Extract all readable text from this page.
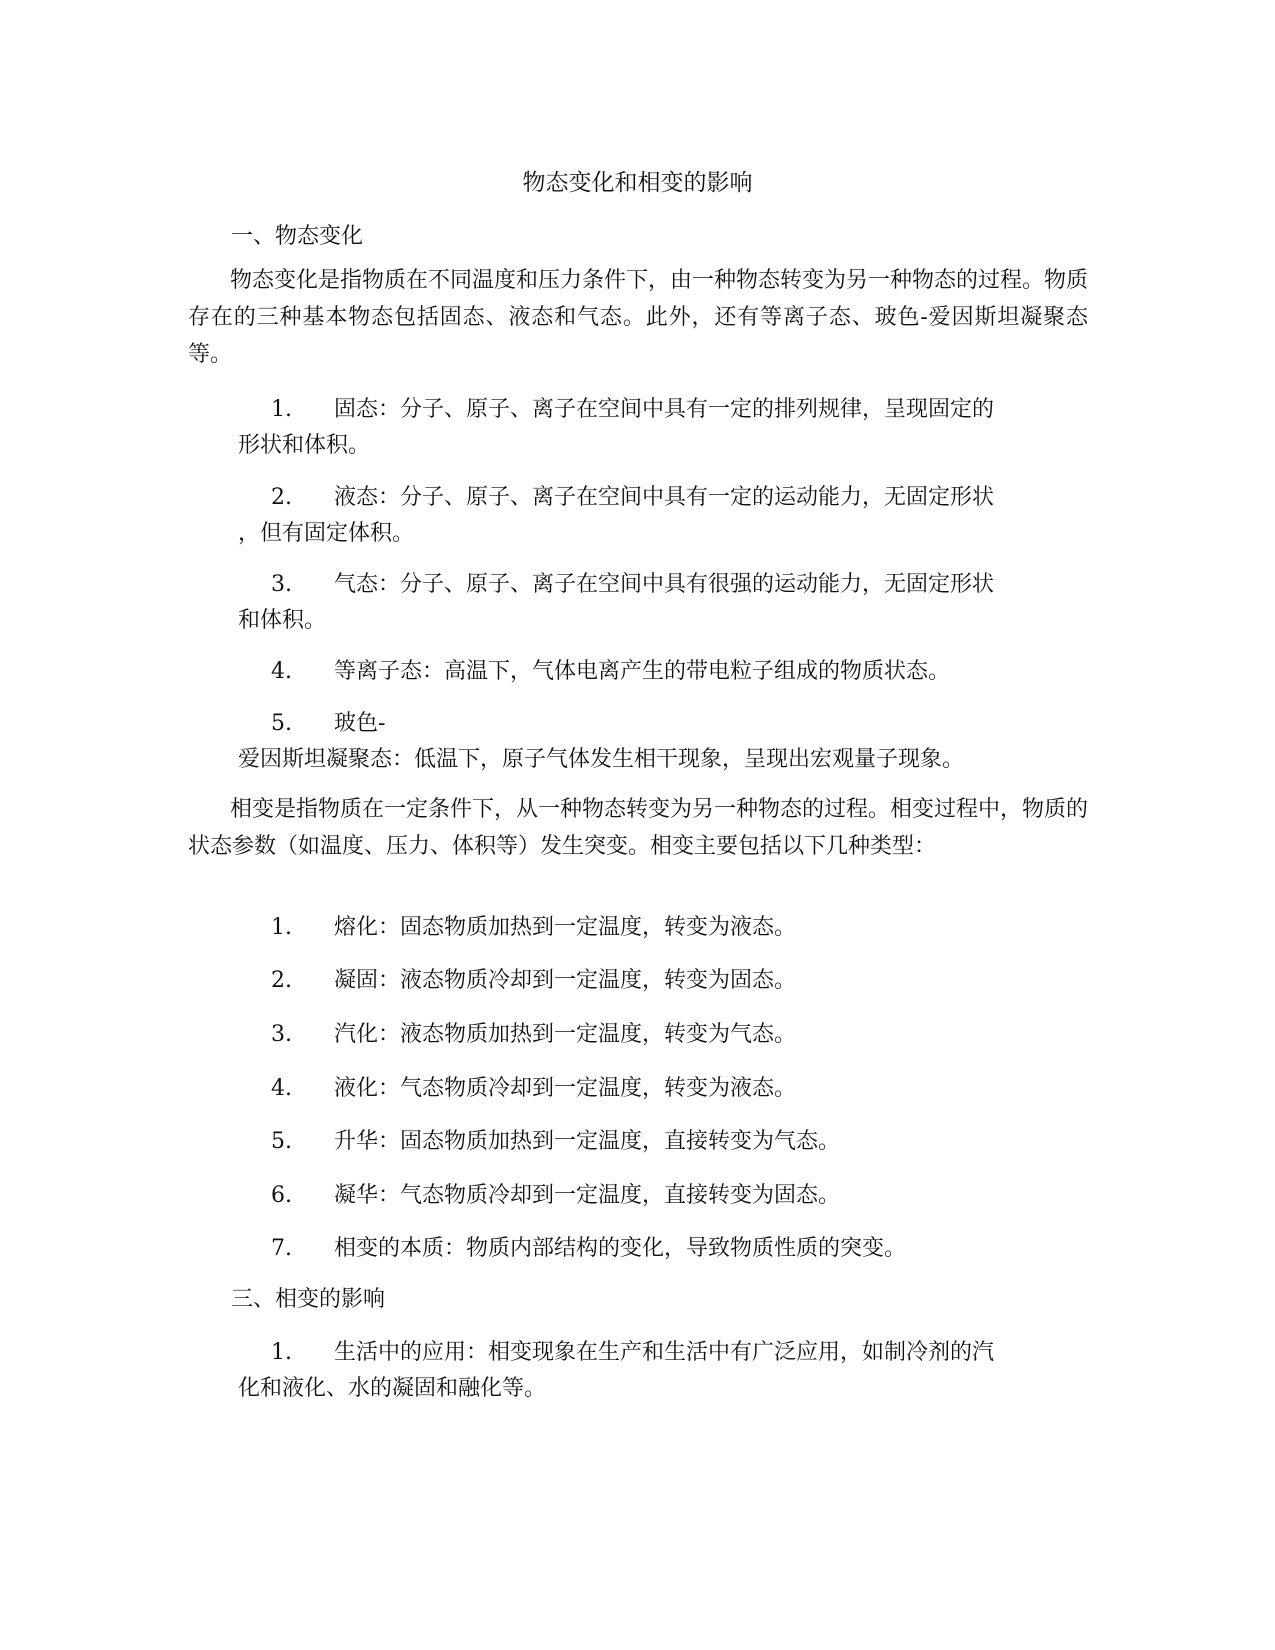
物态变化和相变的影响
一、物态变化

物态变化是指物质在不同温度和压力条件下，由一种物态转变为另一种物态的过程。物质存在的三种基本物态包括固态、液态和气态。此外，还有等离子态、玻色-爱因斯坦凝聚态等。

1. 固态：分子、原子、离子在空间中具有一定的排列规律，呈现固定的
形状和体积。
2. 液态：分子、原子、离子在空间中具有一定的运动能力，无固定形状
，但有固定体积。
3. 气态：分子、原子、离子在空间中具有很强的运动能力，无固定形状
和体积。
4. 等离子态：高温下，气体电离产生的带电粒子组成的物质状态。
5. 玻色-
爱因斯坦凝聚态：低温下，原子气体发生相干现象，呈现出宏观量子现象。

相变是指物质在一定条件下，从一种物态转变为另一种物态的过程。相变过程中，物质的状态参数（如温度、压力、体积等）发生突变。相变主要包括以下几种类型：

1. 熔化：固态物质加热到一定温度，转变为液态。
2. 凝固：液态物质冷却到一定温度，转变为固态。
3. 汽化：液态物质加热到一定温度，转变为气态。
4. 液化：气态物质冷却到一定温度，转变为液态。
5. 升华：固态物质加热到一定温度，直接转变为气态。
6. 凝华：气态物质冷却到一定温度，直接转变为固态。
7. 相变的本质：物质内部结构的变化，导致物质性质的突变。
三、相变的影响
1. 生活中的应用：相变现象在生产和生活中有广泛应用，如制冷剂的汽
化和液化、水的凝固和融化等。
